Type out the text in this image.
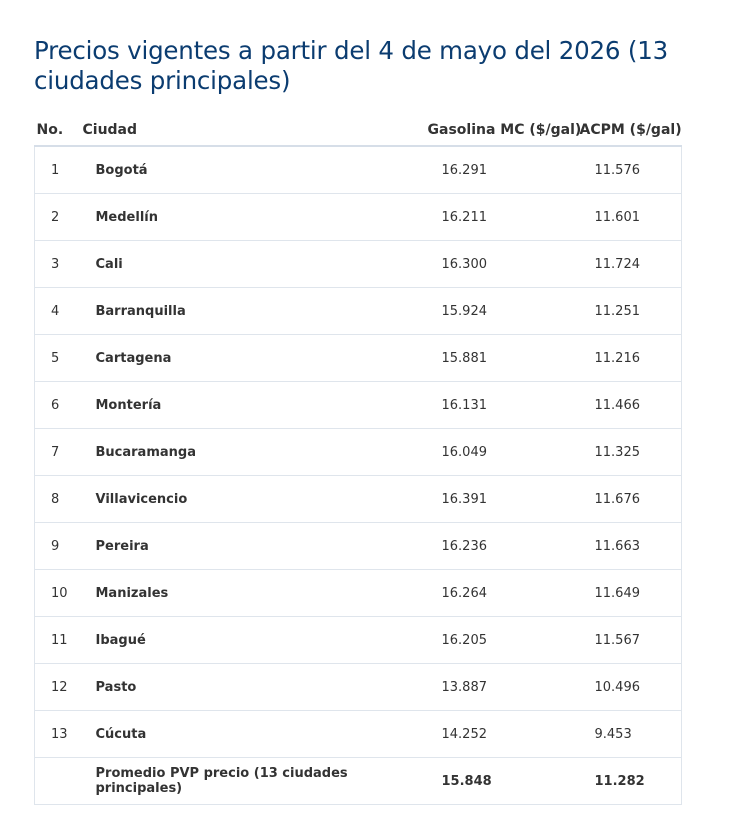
Precios vigentes a partir del 4 de mayo del 2026 (13 ciudades principales)
No.	Ciudad	Gasolina MC ($/gal)	ACPM ($/gal)
1	Bogotá	16.291	11.576
2	Medellín	16.211	11.601
3	Cali	16.300	11.724
4	Barranquilla	15.924	11.251
5	Cartagena	15.881	11.216
6	Montería	16.131	11.466
7	Bucaramanga	16.049	11.325
8	Villavicencio	16.391	11.676
9	Pereira	16.236	11.663
10	Manizales	16.264	11.649
11	Ibagué	16.205	11.567
12	Pasto	13.887	10.496
13	Cúcuta	14.252	9.453
	Promedio PVP precio (13 ciudades principales)	15.848	11.282
